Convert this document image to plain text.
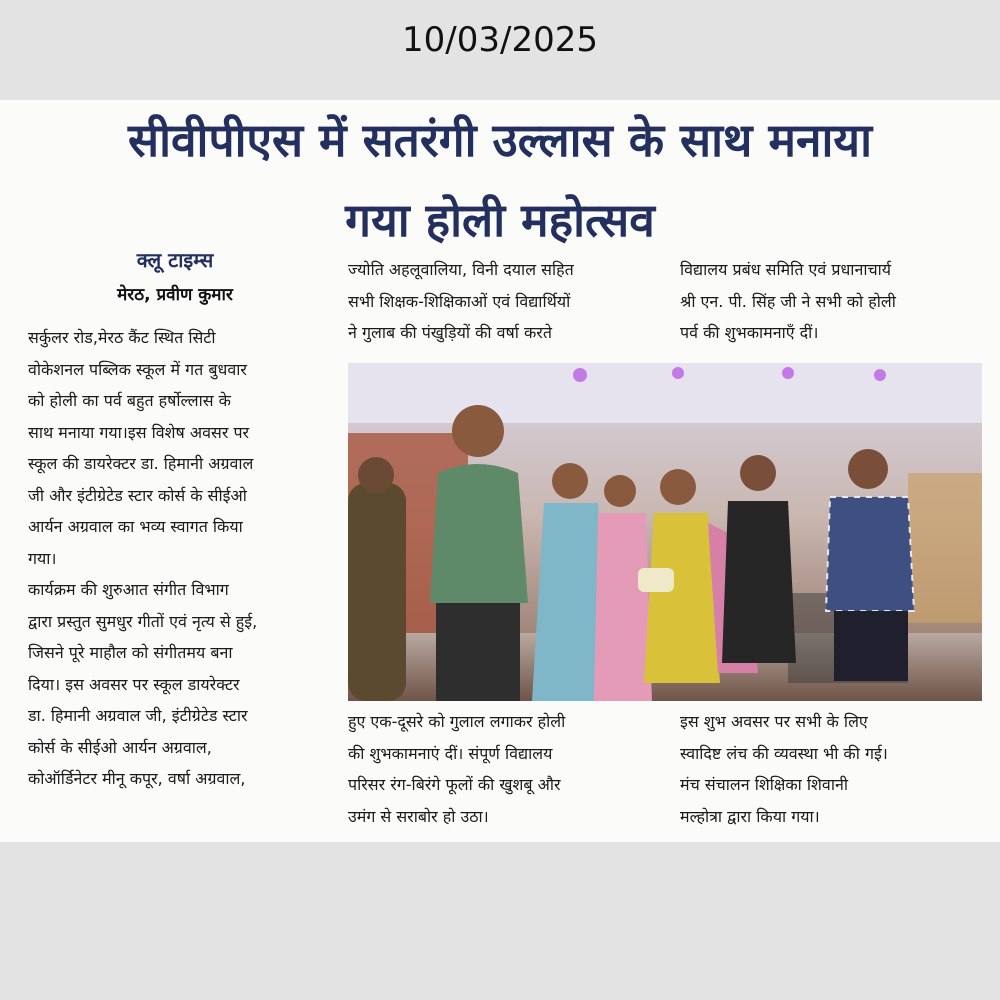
10/03/2025
सीवीपीएस में सतरंगी उल्लास के साथ मनाया
गया होली महोत्सव
क्लू टाइम्स
मेरठ, प्रवीण कुमार
सर्कुलर रोड,मेरठ कैंट स्थित सिटी
वोकेशनल पब्लिक स्कूल में गत बुधवार
को होली का पर्व बहुत हर्षोल्लास के
साथ मनाया गया।इस विशेष अवसर पर
स्कूल की डायरेक्टर डा. हिमानी अग्रवाल
जी और इंटीग्रेटेड स्टार कोर्स के सीईओ
आर्यन अग्रवाल का भव्य स्वागत किया
गया।
कार्यक्रम की शुरुआत संगीत विभाग
द्वारा प्रस्तुत सुमधुर गीतों एवं नृत्य से हुई,
जिसने पूरे माहौल को संगीतमय बना
दिया। इस अवसर पर स्कूल डायरेक्टर
डा. हिमानी अग्रवाल जी, इंटीग्रेटेड स्टार
कोर्स के सीईओ आर्यन अग्रवाल,
कोऑर्डिनेटर मीनू कपूर, वर्षा अग्रवाल,
ज्योति अहलूवालिया, विनी दयाल सहित
सभी शिक्षक-शिक्षिकाओं एवं विद्यार्थियों
ने गुलाब की पंखुड़ियों की वर्षा करते
विद्यालय प्रबंध समिति एवं प्रधानाचार्य
श्री एन. पी. सिंह जी ने सभी को होली
पर्व की शुभकामनाएँ दीं।
हुए एक-दूसरे को गुलाल लगाकर होली
की शुभकामनाएं दीं। संपूर्ण विद्यालय
परिसर रंग-बिरंगे फूलों की खुशबू और
उमंग से सराबोर हो उठा।
इस शुभ अवसर पर सभी के लिए
स्वादिष्ट लंच की व्यवस्था भी की गई।
मंच संचालन शिक्षिका शिवानी
मल्होत्रा द्वारा किया गया।
